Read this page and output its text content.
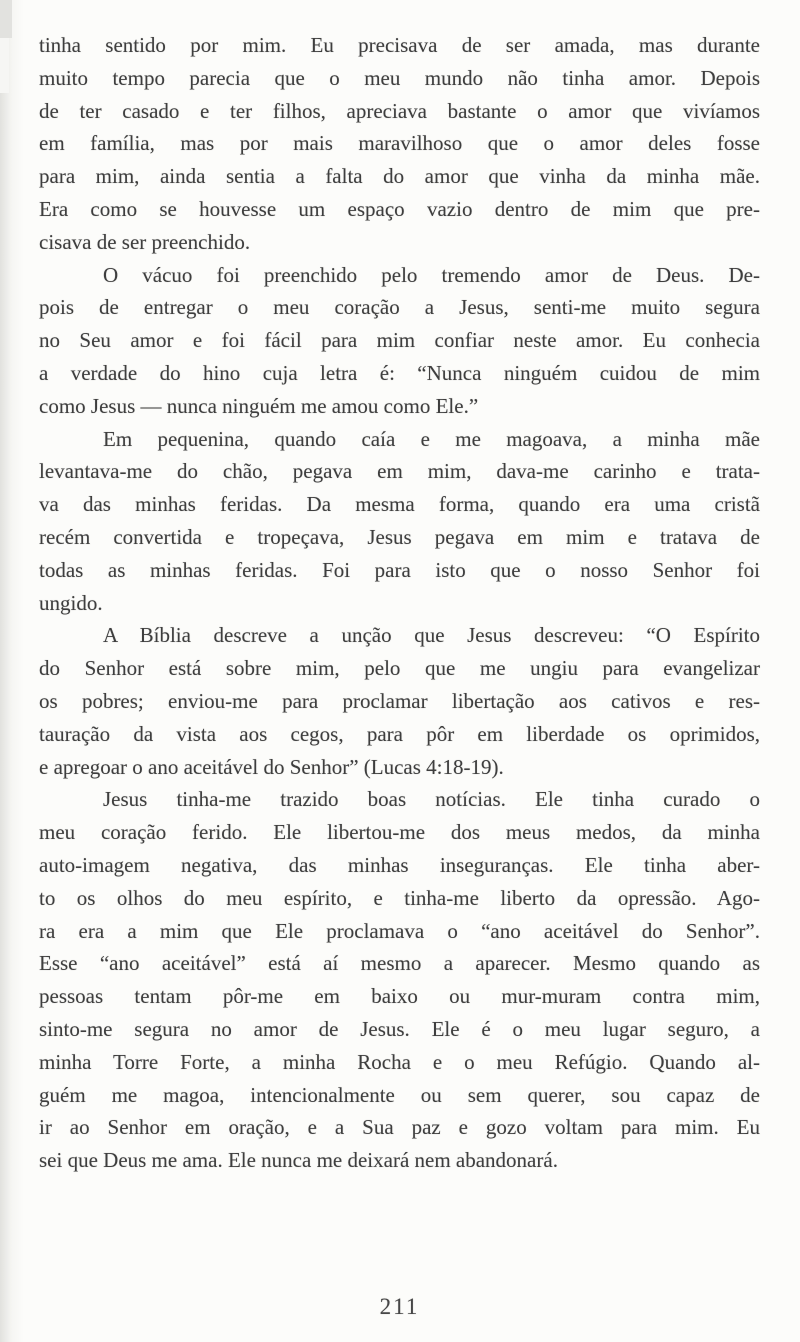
tinha sentido por mim. Eu precisava de ser amada, mas durante
muito tempo parecia que o meu mundo não tinha amor. Depois
de ter casado e ter filhos, apreciava bastante o amor que vivíamos
em família, mas por mais maravilhoso que o amor deles fosse
para mim, ainda sentia a falta do amor que vinha da minha mãe.
Era como se houvesse um espaço vazio dentro de mim que pre-
cisava de ser preenchido.

O vácuo foi preenchido pelo tremendo amor de Deus. De-
pois de entregar o meu coração a Jesus, senti-me muito segura
no Seu amor e foi fácil para mim confiar neste amor. Eu conhecia
a verdade do hino cuja letra é: “Nunca ninguém cuidou de mim
como Jesus — nunca ninguém me amou como Ele.”

Em pequenina, quando caía e me magoava, a minha mãe
levantava-me do chão, pegava em mim, dava-me carinho e trata-
va das minhas feridas. Da mesma forma, quando era uma cristã
recém convertida e tropeçava, Jesus pegava em mim e tratava de
todas as minhas feridas. Foi para isto que o nosso Senhor foi
ungido.

A Bíblia descreve a unção que Jesus descreveu: “O Espírito
do Senhor está sobre mim, pelo que me ungiu para evangelizar
os pobres; enviou-me para proclamar libertação aos cativos e res-
tauração da vista aos cegos, para pôr em liberdade os oprimidos,
e apregoar o ano aceitável do Senhor” (Lucas 4:18-19).

Jesus tinha-me trazido boas notícias. Ele tinha curado o
meu coração ferido. Ele libertou-me dos meus medos, da minha
auto-imagem negativa, das minhas inseguranças. Ele tinha aber-
to os olhos do meu espírito, e tinha-me liberto da opressão. Ago-
ra era a mim que Ele proclamava o “ano aceitável do Senhor”.
Esse “ano aceitável” está aí mesmo a aparecer. Mesmo quando as
pessoas tentam pôr-me em baixo ou mur-muram contra mim,
sinto-me segura no amor de Jesus. Ele é o meu lugar seguro, a
minha Torre Forte, a minha Rocha e o meu Refúgio. Quando al-
guém me magoa, intencionalmente ou sem querer, sou capaz de
ir ao Senhor em oração, e a Sua paz e gozo voltam para mim. Eu
sei que Deus me ama. Ele nunca me deixará nem abandonará.

211
